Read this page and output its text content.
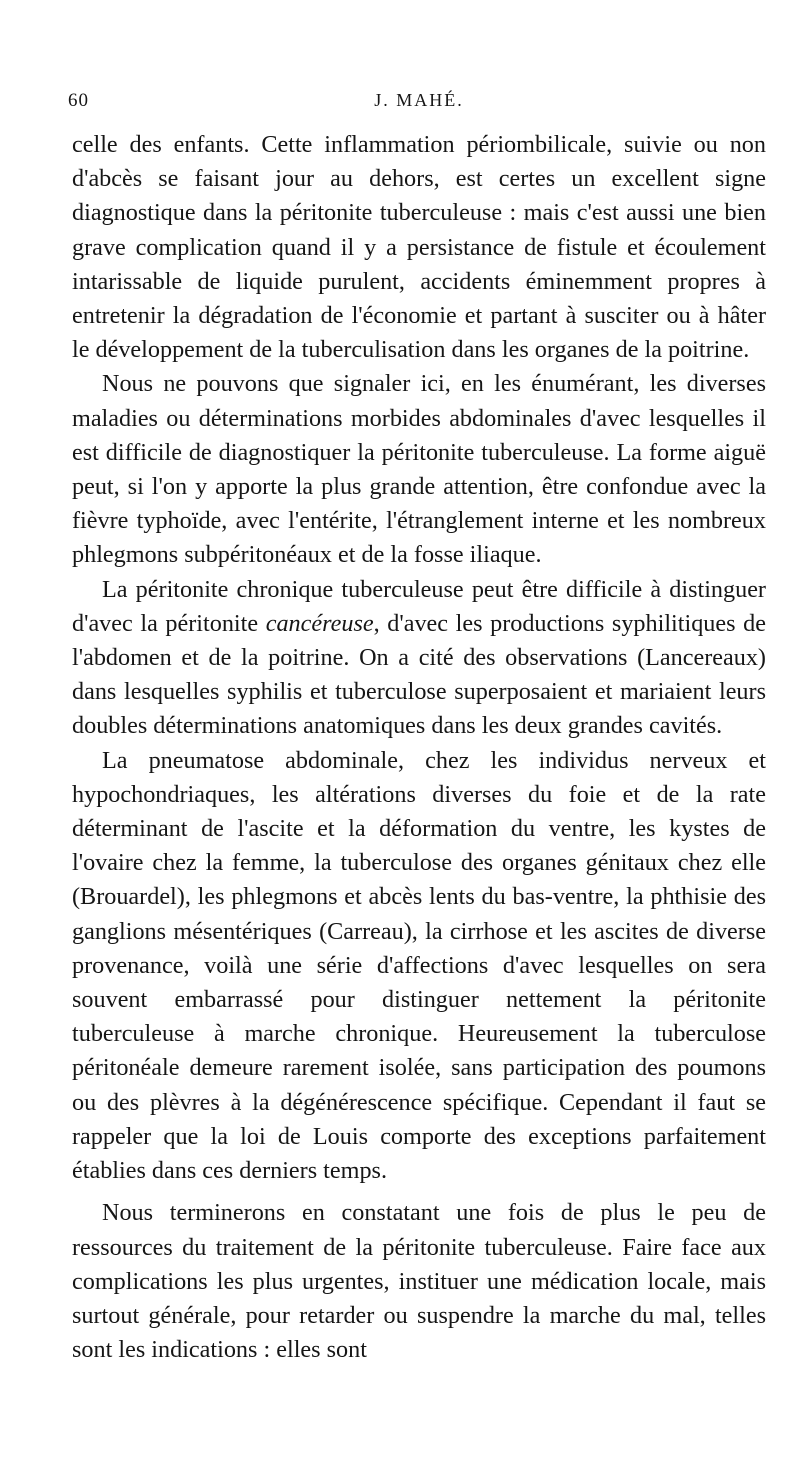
60	J. MAHÉ.

celle des enfants. Cette inflammation périombilicale, suivie ou non d'abcès se faisant jour au dehors, est certes un excellent signe diagnostique dans la péritonite tuberculeuse : mais c'est aussi une bien grave complication quand il y a persistance de fistule et écoulement intarissable de liquide purulent, accidents éminemment propres à entretenir la dégradation de l'économie et partant à susciter ou à hâter le développement de la tuberculisation dans les organes de la poitrine.

Nous ne pouvons que signaler ici, en les énumérant, les diverses maladies ou déterminations morbides abdominales d'avec lesquelles il est difficile de diagnostiquer la péritonite tuberculeuse. La forme aiguë peut, si l'on y apporte la plus grande attention, être confondue avec la fièvre typhoïde, avec l'entérite, l'étranglement interne et les nombreux phlegmons subpéritonéaux et de la fosse iliaque.

La péritonite chronique tuberculeuse peut être difficile à distinguer d'avec la péritonite cancéreuse, d'avec les productions syphilitiques de l'abdomen et de la poitrine. On a cité des observations (Lancereaux) dans lesquelles syphilis et tuberculose superposaient et mariaient leurs doubles déterminations anatomiques dans les deux grandes cavités.

La pneumatose abdominale, chez les individus nerveux et hypochondriaques, les altérations diverses du foie et de la rate déterminant de l'ascite et la déformation du ventre, les kystes de l'ovaire chez la femme, la tuberculose des organes génitaux chez elle (Brouardel), les phlegmons et abcès lents du bas-ventre, la phthisie des ganglions mésentériques (Carreau), la cirrhose et les ascites de diverse provenance, voilà une série d'affections d'avec lesquelles on sera souvent embarrassé pour distinguer nettement la péritonite tuberculeuse à marche chronique. Heureusement la tuberculose péritonéale demeure rarement isolée, sans participation des poumons ou des plèvres à la dégénérescence spécifique. Cependant il faut se rappeler que la loi de Louis comporte des exceptions parfaitement établies dans ces derniers temps.

Nous terminerons en constatant une fois de plus le peu de ressources du traitement de la péritonite tuberculeuse. Faire face aux complications les plus urgentes, instituer une médication locale, mais surtout générale, pour retarder ou suspendre la marche du mal, telles sont les indications : elles sont
